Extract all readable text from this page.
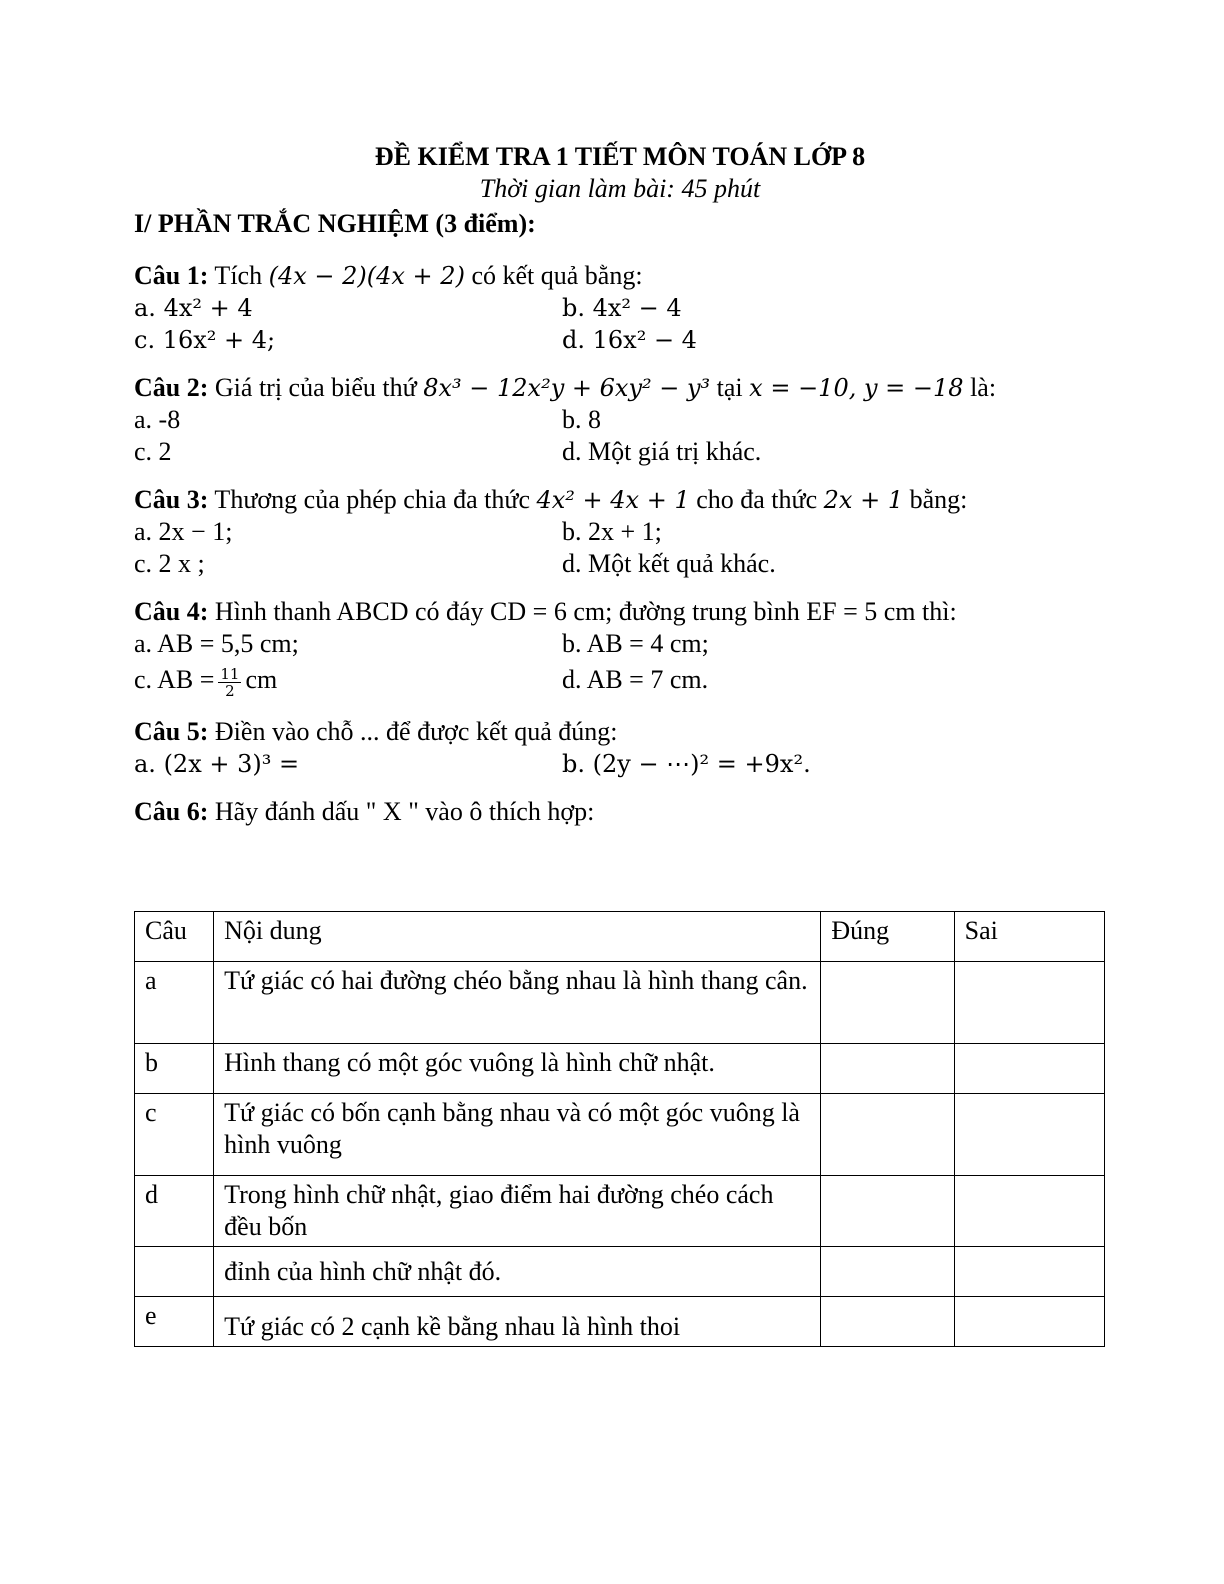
ĐỀ KIỂM TRA 1 TIẾT MÔN TOÁN LỚP 8

Thời gian làm bài: 45 phút

I/ PHẦN TRẮC NGHIỆM (3 điểm):

Câu 1: Tích (4x − 2)(4x + 2) có kết quả bằng:

a. 4x² + 4	b. 4x² − 4
c. 16x² + 4;	d. 16x² − 4

Câu 2: Giá trị của biểu thứ 8x³ − 12x²y + 6xy² − y³ tại x = −10, y = −18 là:

a. -8	b. 8
c. 2	d. Một giá trị khác.

Câu 3: Thương của phép chia đa thức 4x² + 4x + 1 cho đa thức 2x + 1 bằng:

a. 2x − 1;	b. 2x + 1;
c. 2 x ;	d. Một kết quả khác.

Câu 4: Hình thanh ABCD có đáy CD = 6 cm; đường trung bình EF = 5 cm thì:

a. AB = 5,5 cm;	b. AB = 4 cm;
c. AB = $\frac{11}{2}$ cm	d. AB = 7 cm.

Câu 5: Điền vào chỗ ... để được kết quả đúng:

a. (2x + 3)³ =	b. (2y − ⋯)² = +9x².

Câu 6: Hãy đánh dấu " X " vào ô thích hợp:

Câu	Nội dung	Đúng	Sai
a	Tứ giác có hai đường chéo bằng nhau là hình thang cân.		
b	Hình thang có một góc vuông là hình chữ nhật.		
c	Tứ giác có bốn cạnh bằng nhau và có một góc vuông là hình vuông		
d	Trong hình chữ nhật, giao điểm hai đường chéo cách đều bốn		
	đỉnh của hình chữ nhật đó.		
e	Tứ giác có 2 cạnh kề bằng nhau là hình thoi		
